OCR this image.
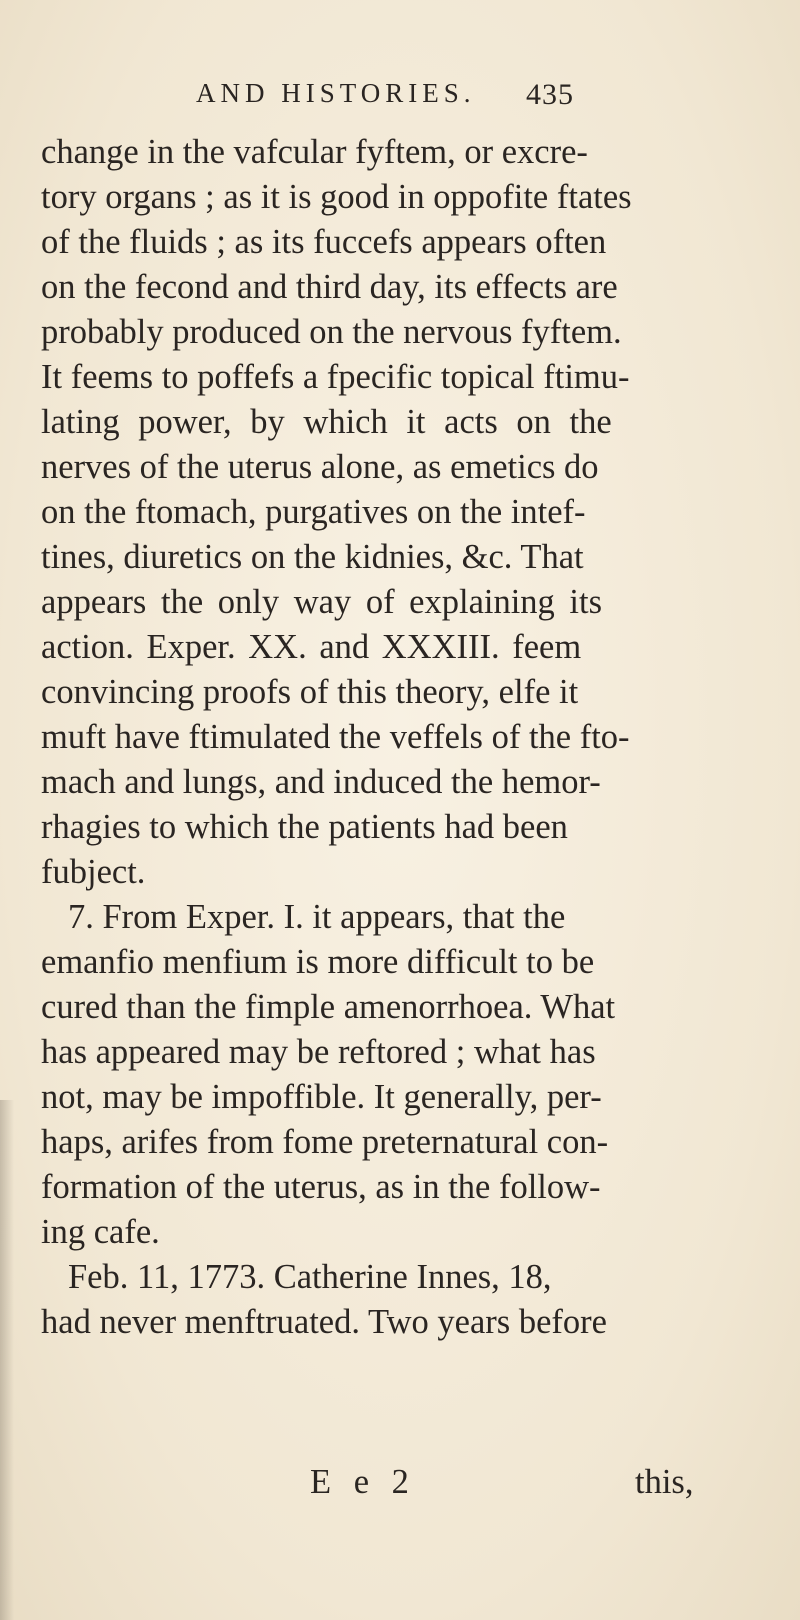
AND HISTORIES. 435
change in the vafcular fyftem, or excre-
tory organs ; as it is good in oppofite ftates
of the fluids ; as its fuccefs appears often
on the fecond and third day, its effects are
probably produced on the nervous fyftem.
It feems to poffefs a fpecific topical ftimu-
lating power, by which it acts on the
nerves of the uterus alone, as emetics do
on the ftomach, purgatives on the intef-
tines, diuretics on the kidnies, &c. That
appears the only way of explaining its
action. Exper. XX. and XXXIII. feem
convincing proofs of this theory, elfe it
muft have ftimulated the veffels of the fto-
mach and lungs, and induced the hemor-
rhagies to which the patients had been
fubject.
7. From Exper. I. it appears, that the
emanfio menfium is more difficult to be
cured than the fimple amenorrhoea. What
has appeared may be reftored ; what has
not, may be impoffible. It generally, per-
haps, arifes from fome preternatural con-
formation of the uterus, as in the follow-
ing cafe.
Feb. 11, 1773. Catherine Innes, 18,
had never menftruated. Two years before
E e 2	this,
